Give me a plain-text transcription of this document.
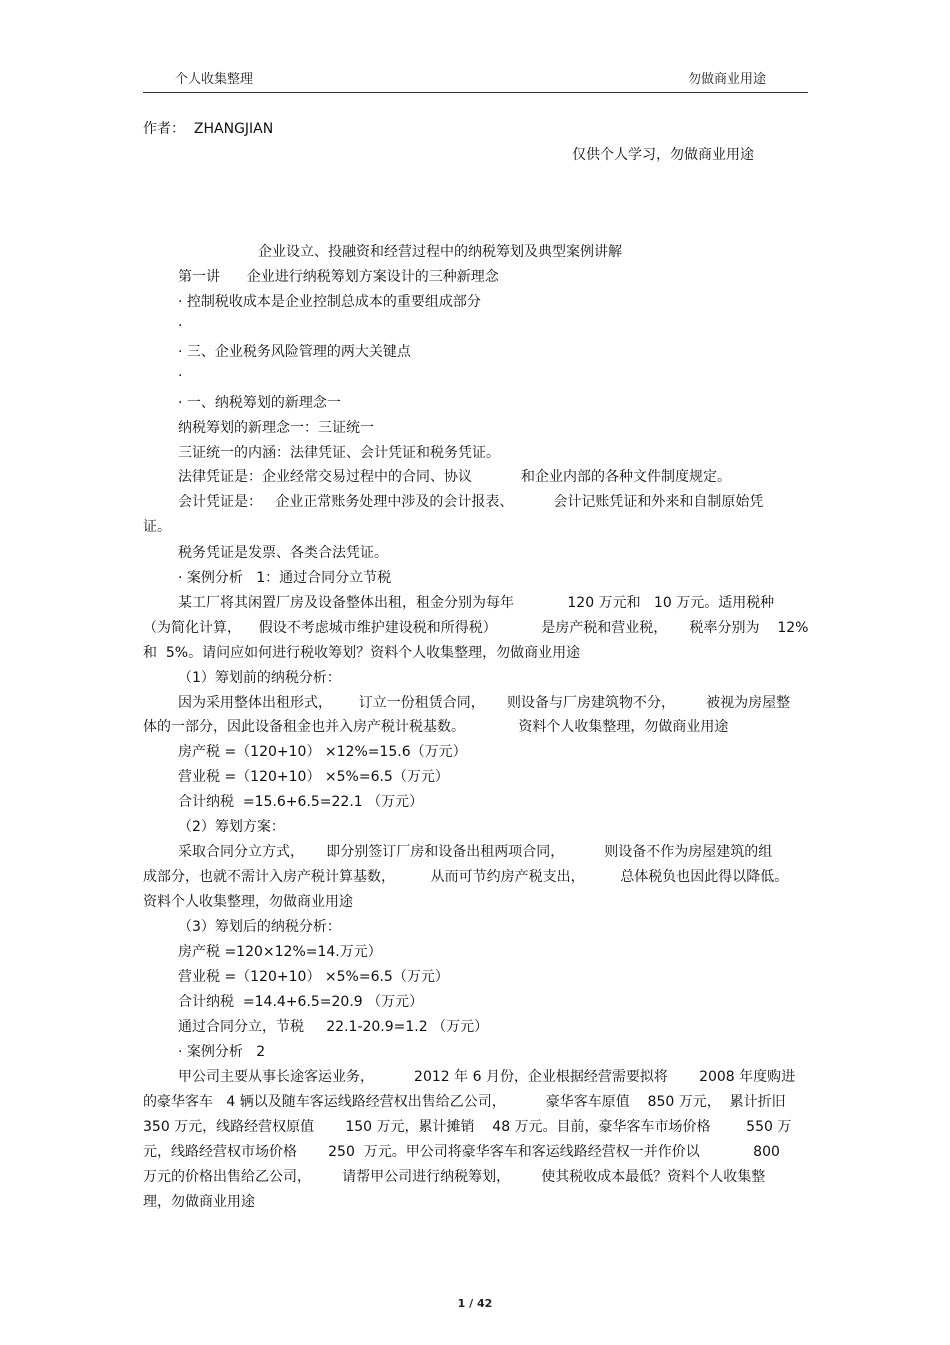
个人收集整理	勿做商业用途
作者：  ZHANGJIAN
仅供个人学习，勿做商业用途
企业设立、投融资和经营过程中的纳税筹划及典型案例讲解
第一讲      企业进行纳税筹划方案设计的三种新理念
· 控制税收成本是企业控制总成本的重要组成部分
·
· 三、企业税务风险管理的两大关键点
·
· 一、纳税筹划的新理念一
纳税筹划的新理念一：三证统一
三证统一的内涵：法律凭证、会计凭证和税务凭证。
法律凭证是：企业经常交易过程中的合同、协议           和企业内部的各种文件制度规定。
会计凭证是：   企业正常账务处理中涉及的会计报表、         会计记账凭证和外来和自制原始凭
证。
税务凭证是发票、各类合法凭证。
· 案例分析   1：通过合同分立节税
某工厂将其闲置厂房及设备整体出租，租金分别为每年            120 万元和   10 万元。适用税种
（为简化计算，    假设不考虑城市维护建设税和所得税）          是房产税和营业税，     税率分别为    12%
和  5%。请问应如何进行税收筹划？资料个人收集整理，勿做商业用途
（1）筹划前的纳税分析：
因为采用整体出租形式，      订立一份租赁合同，     则设备与厂房建筑物不分，       被视为房屋整
体的一部分，因此设备租金也并入房产税计税基数。            资料个人收集整理，勿做商业用途
房产税 =（120+10） ×12%=15.6（万元）
营业税 =（120+10） ×5%=6.5（万元）
合计纳税  =15.6+6.5=22.1 （万元）
（2）筹划方案：
采取合同分立方式，     即分别签订厂房和设备出租两项合同，         则设备不作为房屋建筑的组
成部分，也就不需计入房产税计算基数，        从而可节约房产税支出，        总体税负也因此得以降低。
资料个人收集整理，勿做商业用途
（3）筹划后的纳税分析：
房产税 =120×12%=14.万元）
营业税 =（120+10） ×5%=6.5（万元）
合计纳税  =14.4+6.5=20.9 （万元）
通过合同分立，节税     22.1-20.9=1.2 （万元）
· 案例分析   2
甲公司主要从事长途客运业务，         2012 年 6 月份，企业根据经营需要拟将       2008 年度购进
的豪华客车   4 辆以及随车客运线路经营权出售给乙公司，         豪华客车原值    850 万元，  累计折旧
350 万元，线路经营权原值       150 万元，累计摊销    48 万元。目前，豪华客车市场价格        550 万
元，线路经营权市场价格       250  万元。甲公司将豪华客车和客运线路经营权一并作价以            800
万元的价格出售给乙公司，       请帮甲公司进行纳税筹划，       使其税收成本最低？资料个人收集整
理，勿做商业用途
1 / 42
